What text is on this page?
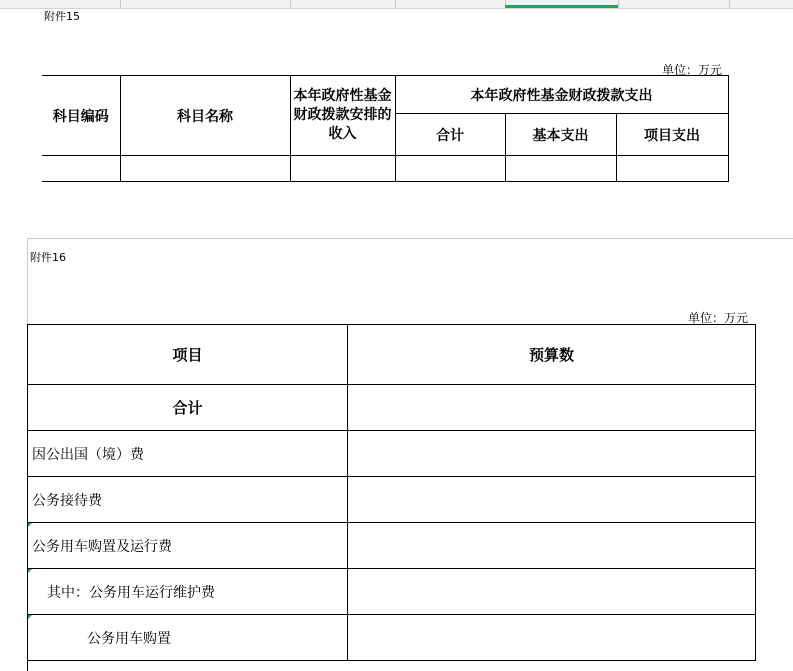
附件15
单位：万元
科目编码	科目名称	本年政府性基金财政拨款安排的收入	本年政府性基金财政拨款支出		
			合计	基本支出	项目支出

附件16
单位：万元
项目	预算数
合计	
因公出国（境）费	
公务接待费	
公务用车购置及运行费	
其中：公务用车运行维护费	
公务用车购置	
